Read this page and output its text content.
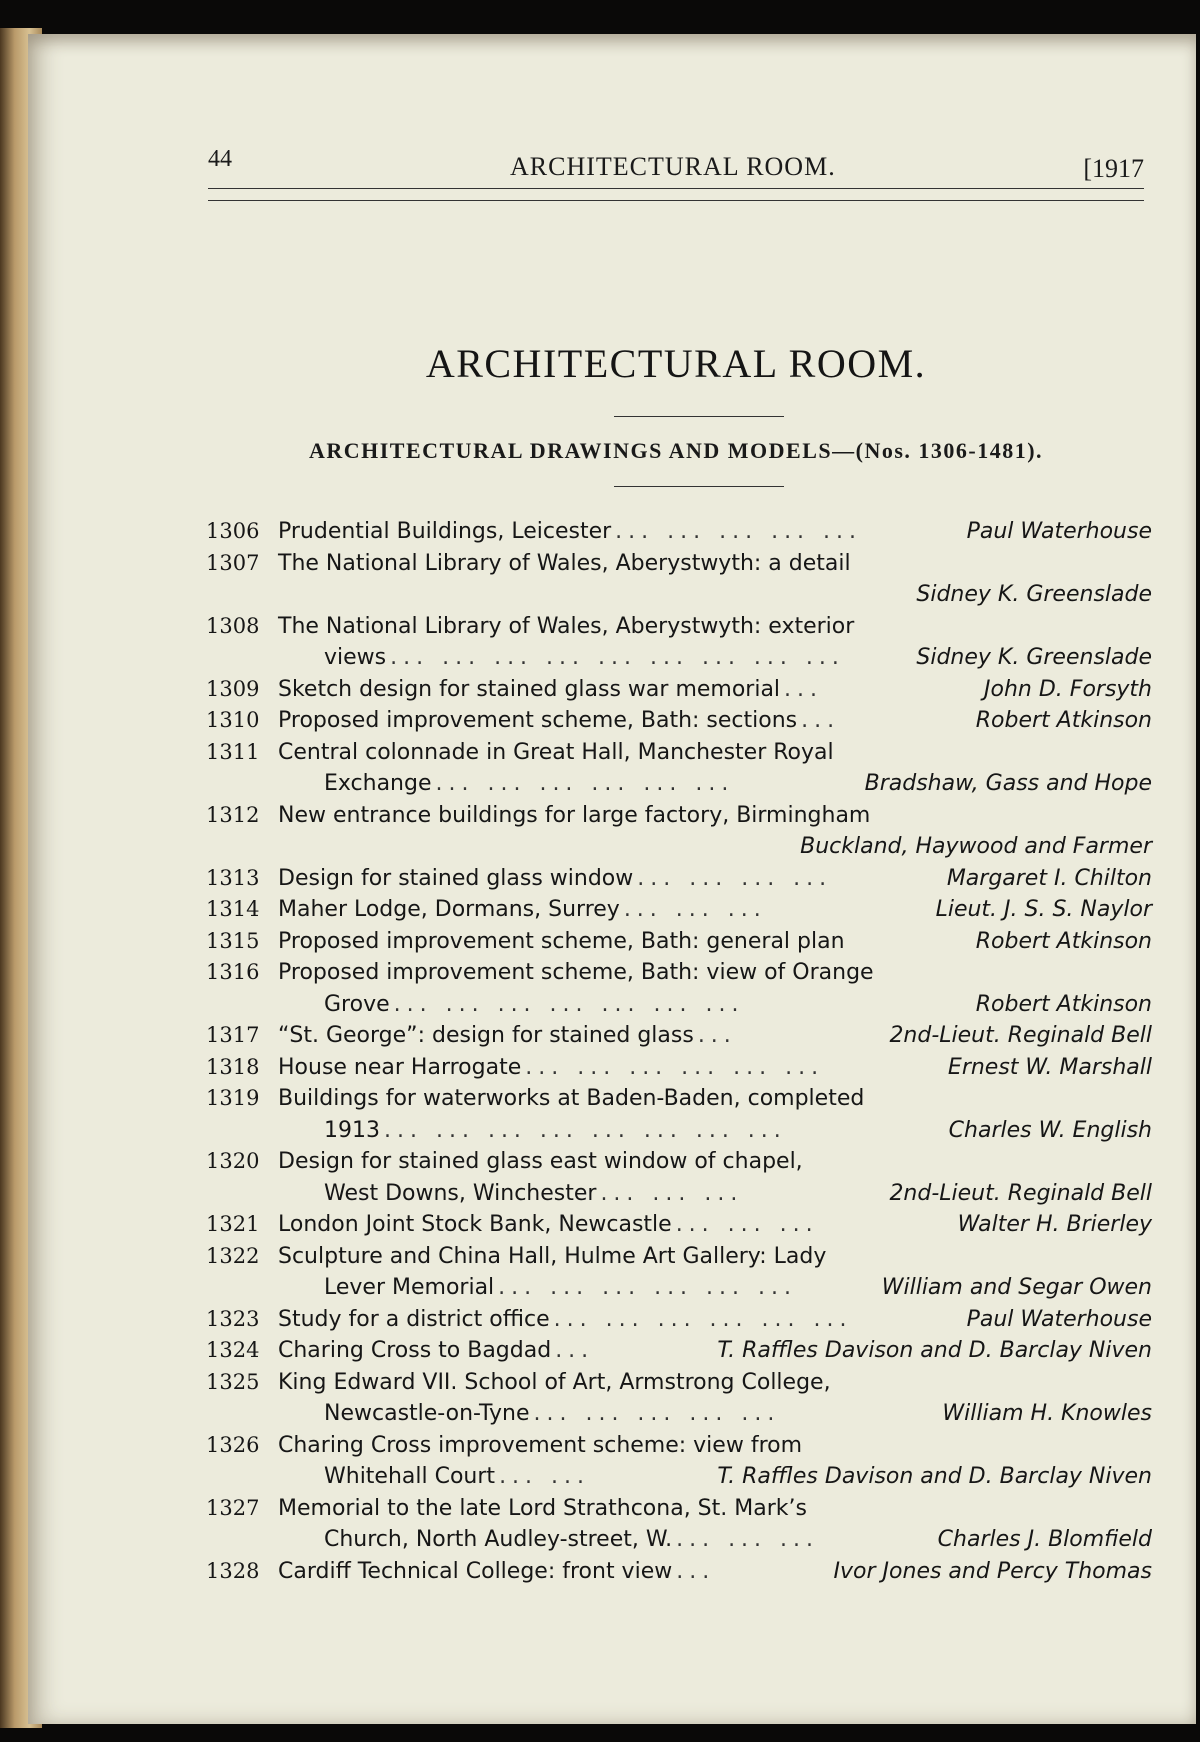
44	ARCHITECTURAL ROOM.	[1917
ARCHITECTURAL ROOM.
ARCHITECTURAL DRAWINGS AND MODELS—(Nos. 1306-1481).
1306 Prudential Buildings, Leicester ... ... ... ... ...	Paul Waterhouse
1307 The National Library of Wales, Aberystwyth: a detail
Sidney K. Greenslade
1308 The National Library of Wales, Aberystwyth: exterior
views ... ... ... ... ... ... ... ... ...	Sidney K. Greenslade
1309 Sketch design for stained glass war memorial ...	John D. Forsyth
1310 Proposed improvement scheme, Bath: sections ...	Robert Atkinson
1311 Central colonnade in Great Hall, Manchester Royal
Exchange ... ... ... ... ... ...	Bradshaw, Gass and Hope
1312 New entrance buildings for large factory, Birmingham
Buckland, Haywood and Farmer
1313 Design for stained glass window ... ... ... ...	Margaret I. Chilton
1314 Maher Lodge, Dormans, Surrey ... ... ...	Lieut. J. S. S. Naylor
1315 Proposed improvement scheme, Bath: general plan	Robert Atkinson
1316 Proposed improvement scheme, Bath: view of Orange
Grove ... ... ... ... ... ... ...	Robert Atkinson
1317 “St. George”: design for stained glass ...	2nd-Lieut. Reginald Bell
1318 House near Harrogate ... ... ... ... ... ...	Ernest W. Marshall
1319 Buildings for waterworks at Baden-Baden, completed
1913 ... ... ... ... ... ... ... ...	Charles W. English
1320 Design for stained glass east window of chapel,
West Downs, Winchester ... ... ...	2nd-Lieut. Reginald Bell
1321 London Joint Stock Bank, Newcastle ... ... ...	Walter H. Brierley
1322 Sculpture and China Hall, Hulme Art Gallery: Lady
Lever Memorial ... ... ... ... ... ...	William and Segar Owen
1323 Study for a district office ... ... ... ... ... ...	Paul Waterhouse
1324 Charing Cross to Bagdad ...	T. Raffles Davison and D. Barclay Niven
1325 King Edward VII. School of Art, Armstrong College,
Newcastle-on-Tyne ... ... ... ... ...	William H. Knowles
1326 Charing Cross improvement scheme: view from
Whitehall Court ... ...	T. Raffles Davison and D. Barclay Niven
1327 Memorial to the late Lord Strathcona, St. Mark’s
Church, North Audley-street, W. ... ... ...	Charles J. Blomfield
1328 Cardiff Technical College: front view ...	Ivor Jones and Percy Thomas
